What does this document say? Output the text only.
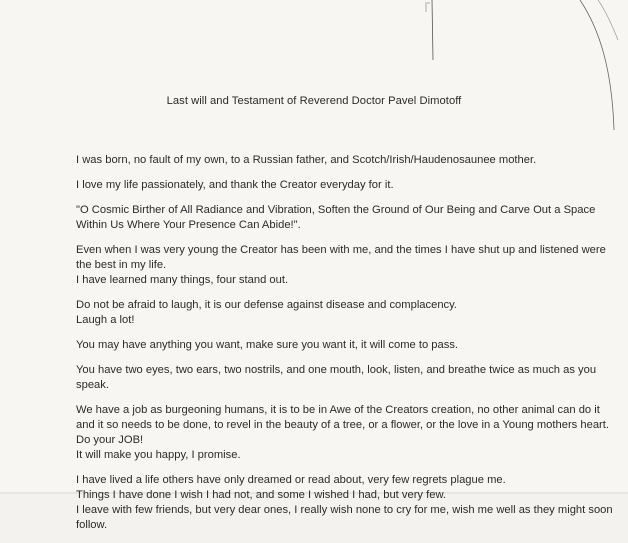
Last will and Testament of Reverend Doctor Pavel Dimotoff
I was born, no fault of my own, to a Russian father, and Scotch/Irish/Haudenosaunee mother.
I love my life passionately, and thank the Creator everyday for it.
"O Cosmic Birther of All Radiance and Vibration, Soften the Ground of Our Being and Carve Out a Space
Within Us Where Your Presence Can Abide!".
Even when I was very young the Creator has been with me, and the times I have shut up and listened were
the best in my life.
I have learned many things, four stand out.
Do not be afraid to laugh, it is our defense against disease and complacency.
Laugh a lot!
You may have anything you want, make sure you want it, it will come to pass.
You have two eyes, two ears, two nostrils, and one mouth, look, listen, and breathe twice as much as you
speak.
We have a job as burgeoning humans, it is to be in Awe of the Creators creation, no other animal can do it
and it so needs to be done, to revel in the beauty of a tree, or a flower, or the love in a Young mothers heart.
Do your JOB!
It will make you happy, I promise.
I have lived a life others have only dreamed or read about, very few regrets plague me.
Things I have done I wish I had not, and some I wished I had, but very few.
I leave with few friends, but very dear ones, I really wish none to cry for me, wish me well as they might soon
follow.
